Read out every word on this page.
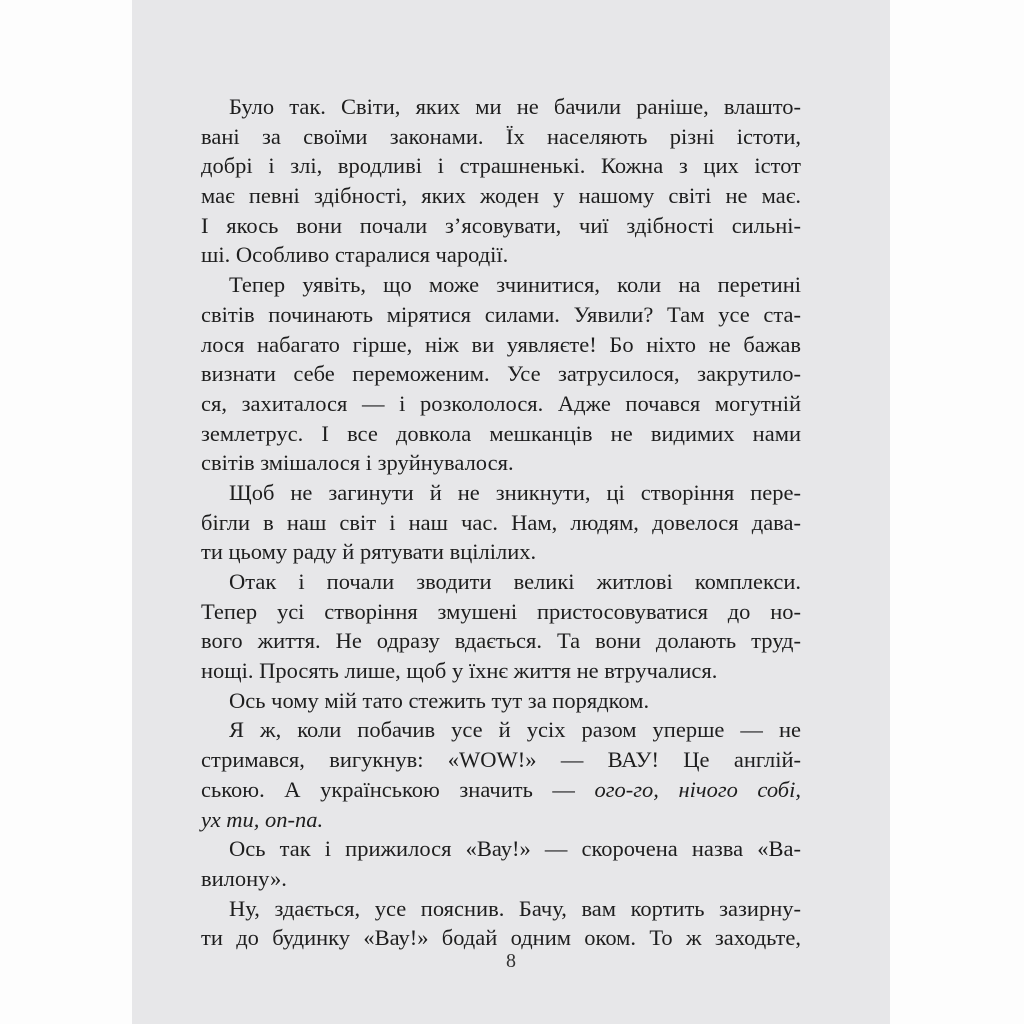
Було так. Світи, яких ми не бачили раніше, влашто-
вані за своїми законами. Їх населяють різні істоти,
добрі і злі, вродливі і страшненькі. Кожна з цих істот
має певні здібності, яких жоден у нашому світі не має.
І якось вони почали з’ясовувати, чиї здібності сильні-
ші. Особливо старалися чародії.
Тепер уявіть, що може зчинитися, коли на перетині
світів починають мірятися силами. Уявили? Там усе ста-
лося набагато гірше, ніж ви уявляєте! Бо ніхто не бажав
визнати себе переможеним. Усе затрусилося, закрутило-
ся, захиталося — і розкололося. Адже почався могутній
землетрус. І все довкола мешканців не видимих нами
світів змішалося і зруйнувалося.
Щоб не загинути й не зникнути, ці створіння пере-
бігли в наш світ і наш час. Нам, людям, довелося дава-
ти цьому раду й рятувати вцілілих.
Отак і почали зводити великі житлові комплекси.
Тепер усі створіння змушені пристосовуватися до но-
вого життя. Не одразу вдається. Та вони долають труд-
нощі. Просять лише, щоб у їхнє життя не втручалися.
Ось чому мій тато стежить тут за порядком.
Я ж, коли побачив усе й усіх разом уперше — не
стримався, вигукнув: «WOW!» — ВАУ! Це англій-
ською. А українською значить — ого-го, нічого собі,
ух ти, оп-па.
Ось так і прижилося «Вау!» — скорочена назва «Ва-
вилону».
Ну, здається, усе пояснив. Бачу, вам кортить зазирну-
ти до будинку «Вау!» бодай одним оком. То ж заходьте,
8
